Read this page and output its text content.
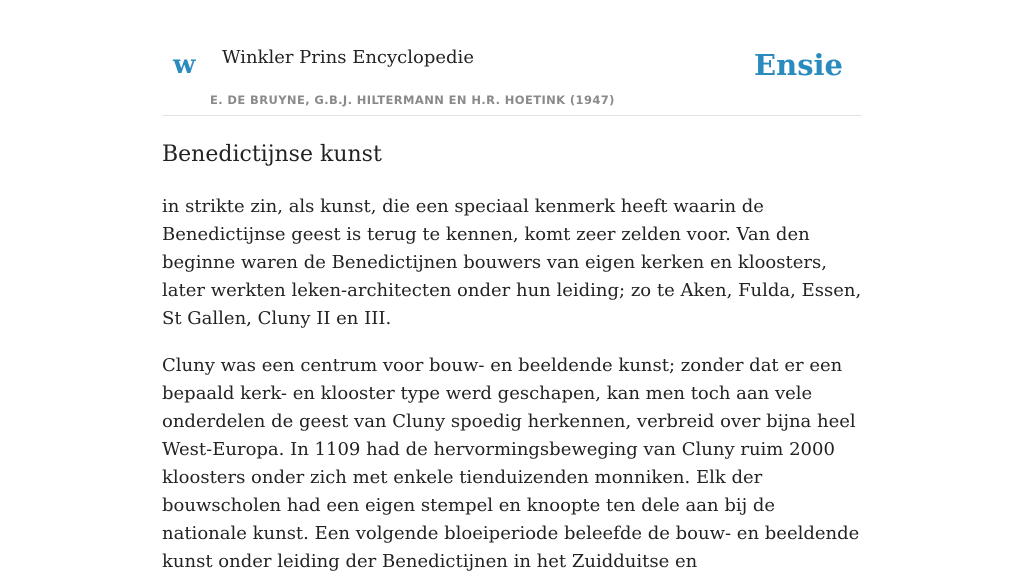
w Winkler Prins Encyclopedie
E. DE BRUYNE, G.B.J. HILTERMANN EN H.R. HOETINK (1947)
Ensie
Benedictijnse kunst

in strikte zin, als kunst, die een speciaal kenmerk heeft waarin de Benedictijnse geest is terug te kennen, komt zeer zelden voor. Van den beginne waren de Benedictijnen bouwers van eigen kerken en kloosters, later werkten leken-architecten onder hun leiding; zo te Aken, Fulda, Essen, St Gallen, Cluny II en III.

Cluny was een centrum voor bouw- en beeldende kunst; zonder dat er een bepaald kerk- en klooster type werd geschapen, kan men toch aan vele onderdelen de geest van Cluny spoedig herkennen, verbreid over bijna heel West-Europa. In 1109 had de hervormingsbeweging van Cluny ruim 2000 kloosters onder zich met enkele tienduizenden monniken. Elk der bouwscholen had een eigen stempel en knoopte ten dele aan bij de nationale kunst. Een volgende bloeiperiode beleefde de bouw- en beeldende kunst onder leiding der Benedictijnen in het Zuidduitse en
